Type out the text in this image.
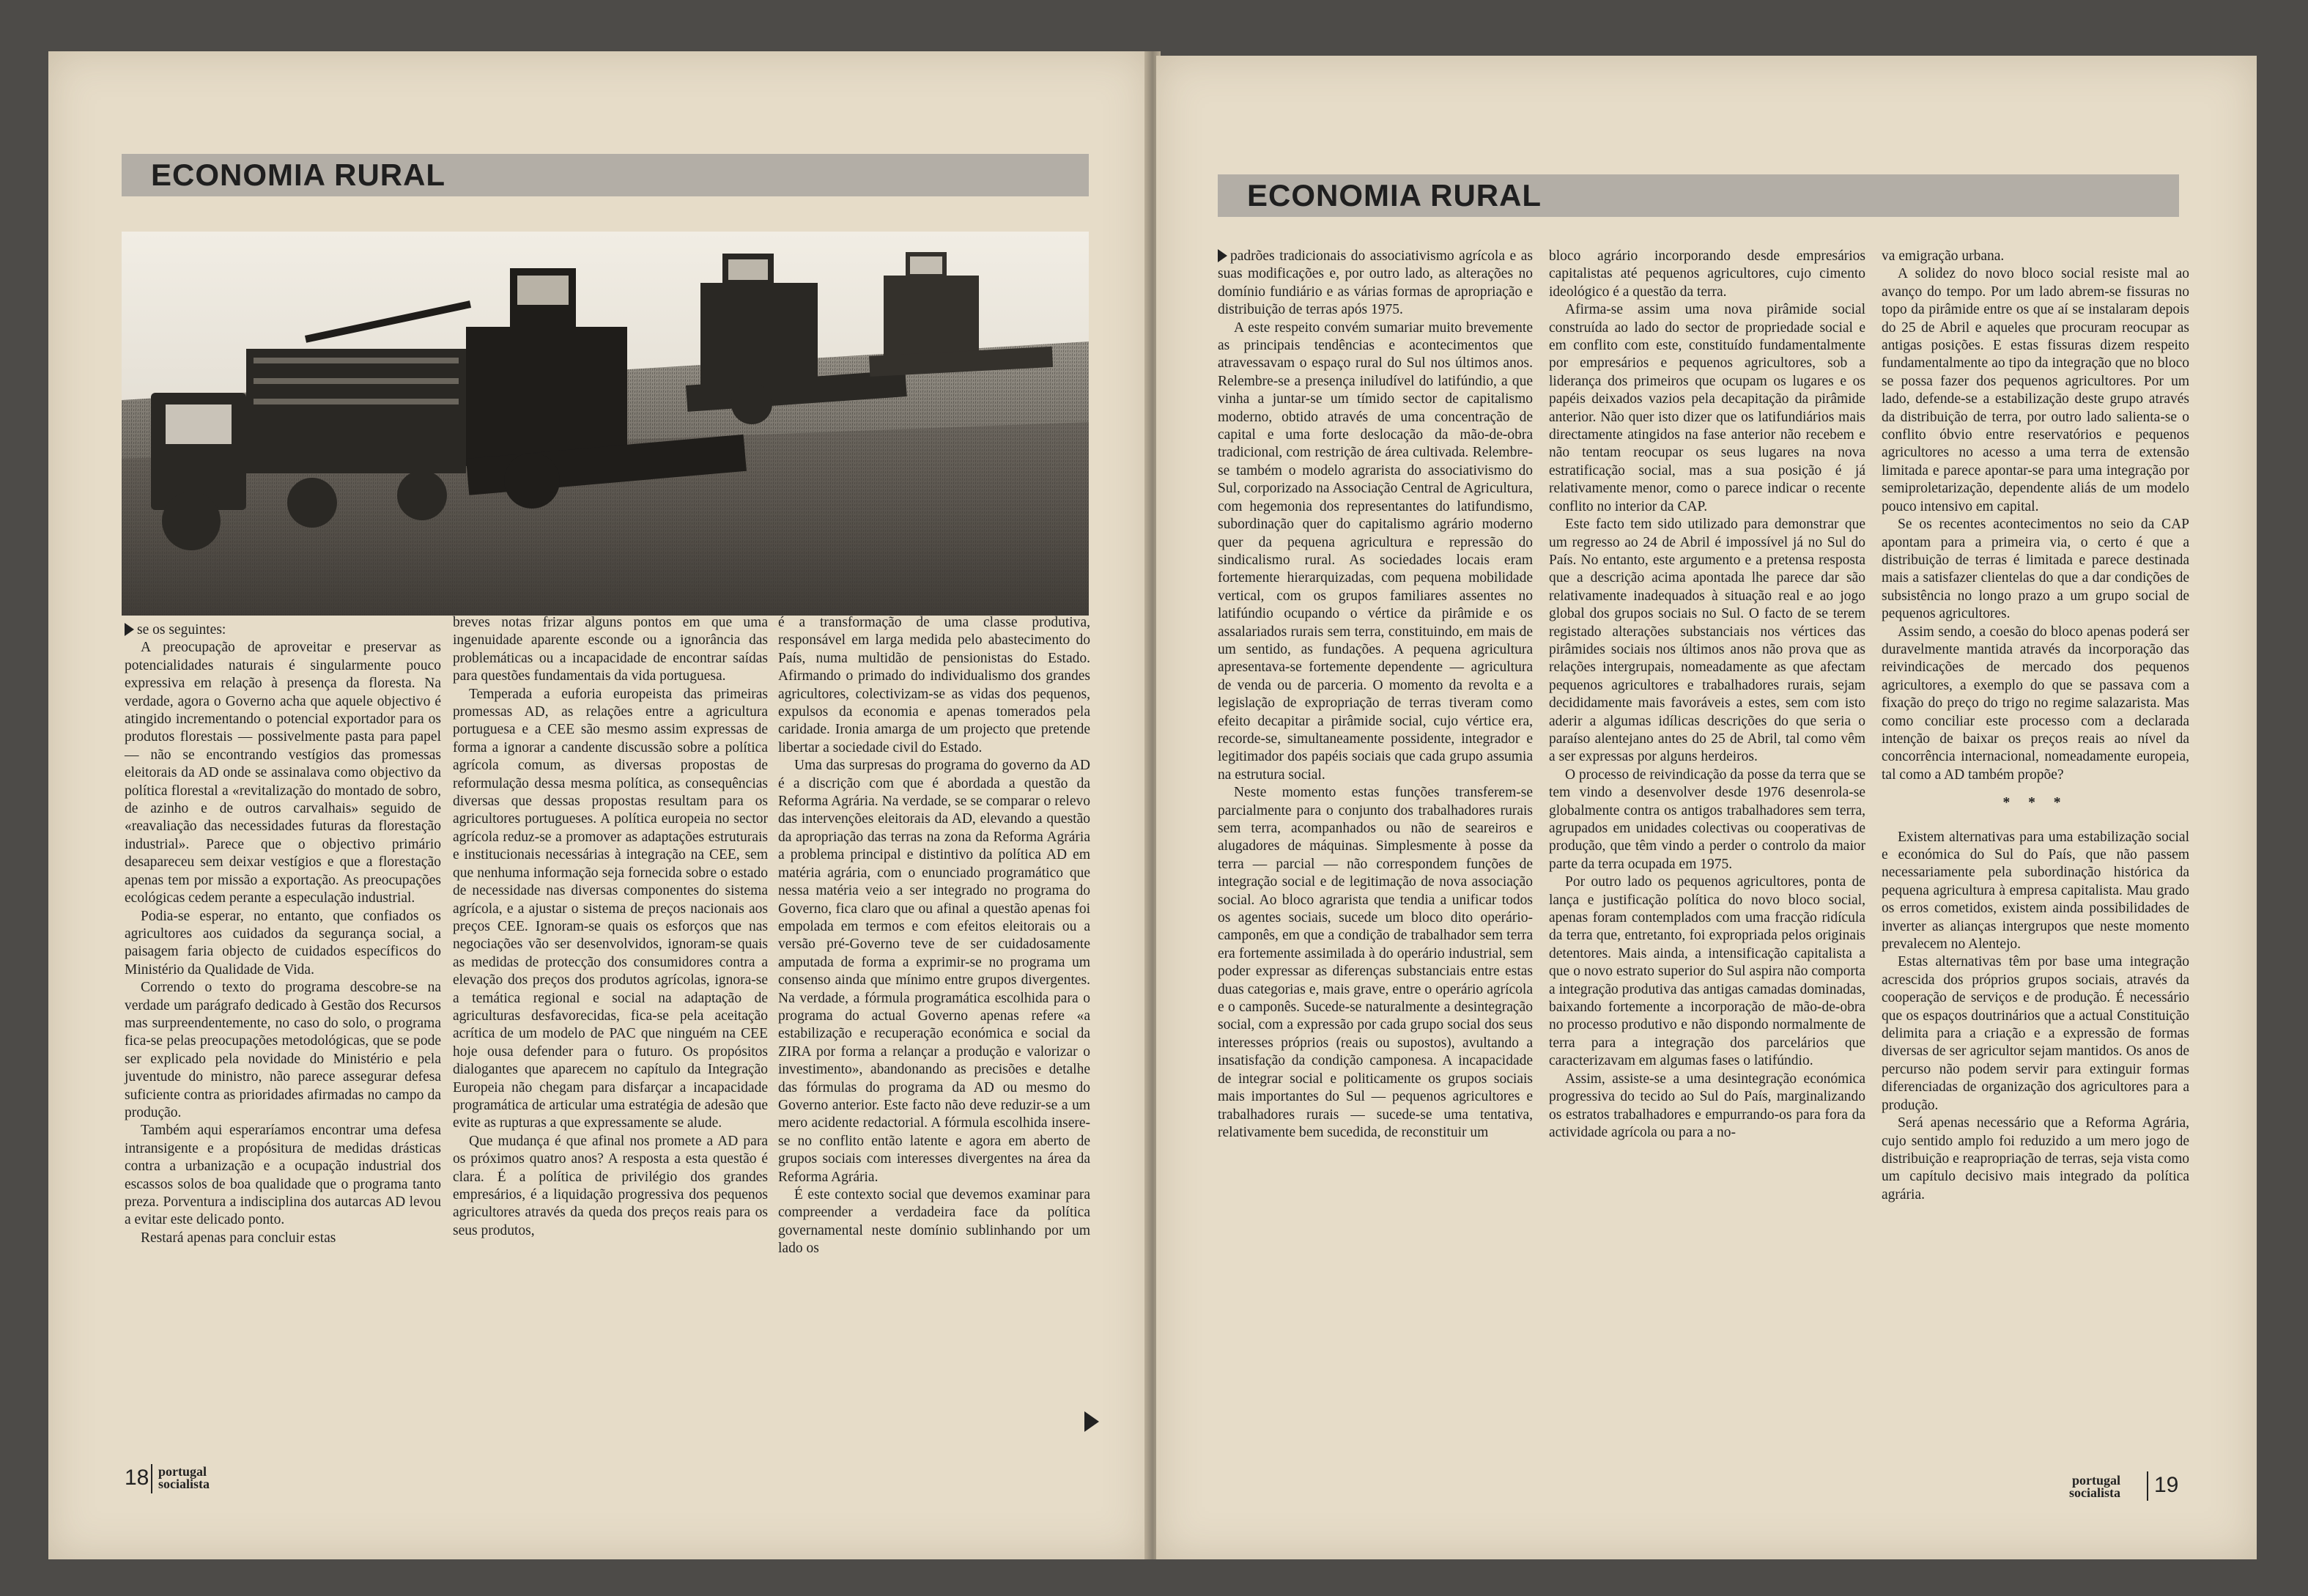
ECONOMIA RURAL

se os seguintes:

A preocupação de aproveitar e preservar as potencialidades naturais é singularmente pouco expressiva em relação à presença da floresta. Na verdade, agora o Governo acha que aquele objectivo é atingido incrementando o potencial exportador para os produtos florestais — possivelmente pasta para papel — não se encontrando vestígios das promessas eleitorais da AD onde se assinalava como objectivo da política florestal a «revitalização do montado de sobro, de azinho e de outros carvalhais» seguido de «reavaliação das necessidades futuras da florestação industrial». Parece que o objectivo primário desapareceu sem deixar vestígios e que a florestação apenas tem por missão a exportação. As preocupações ecológicas cedem perante a especulação industrial.

Podia-se esperar, no entanto, que confiados os agricultores aos cuidados da segurança social, a paisagem faria objecto de cuidados específicos do Ministério da Qualidade de Vida.

Correndo o texto do programa descobre-se na verdade um parágrafo dedicado à Gestão dos Recursos mas surpreendentemente, no caso do solo, o programa fica-se pelas preocupações metodológicas, que se pode ser explicado pela novidade do Ministério e pela juventude do ministro, não parece assegurar defesa suficiente contra as prioridades afirmadas no campo da produção.

Também aqui esperaríamos encontrar uma defesa intransigente e a propósitura de medidas drásticas contra a urbanização e a ocupação industrial dos escassos solos de boa qualidade que o programa tanto preza. Porventura a indisciplina dos autarcas AD levou a evitar este delicado ponto.

Restará apenas para concluir estas

breves notas frizar alguns pontos em que uma ingenuidade aparente esconde ou a ignorância das problemáticas ou a incapacidade de encontrar saídas para questões fundamentais da vida portuguesa.

Temperada a euforia europeista das primeiras promessas AD, as relações entre a agricultura portuguesa e a CEE são mesmo assim expressas de forma a ignorar a candente discussão sobre a política agrícola comum, as diversas propostas de reformulação dessa mesma política, as consequências diversas que dessas propostas resultam para os agricultores portugueses. A política europeia no sector agrícola reduz-se a promover as adaptações estruturais e institucionais necessárias à integração na CEE, sem que nenhuma informação seja fornecida sobre o estado de necessidade nas diversas componentes do sistema agrícola, e a ajustar o sistema de preços nacionais aos preços CEE. Ignoram-se quais os esforços que nas negociações vão ser desenvolvidos, ignoram-se quais as medidas de protecção dos consumidores contra a elevação dos preços dos produtos agrícolas, ignora-se a temática regional e social na adaptação de agriculturas desfavorecidas, fica-se pela aceitação acrítica de um modelo de PAC que ninguém na CEE hoje ousa defender para o futuro. Os propósitos dialogantes que aparecem no capítulo da Integração Europeia não chegam para disfarçar a incapacidade programática de articular uma estratégia de adesão que evite as rupturas a que expressamente se alude.

Que mudança é que afinal nos promete a AD para os próximos quatro anos? A resposta a esta questão é clara. É a política de privilégio dos grandes empresários, é a liquidação progressiva dos pequenos agricultores através da queda dos preços reais para os seus produtos,

é a transformação de uma classe produtiva, responsável em larga medida pelo abastecimento do País, numa multidão de pensionistas do Estado. Afirmando o primado do individualismo dos grandes agricultores, colectivizam-se as vidas dos pequenos, expulsos da economia e apenas tomerados pela caridade. Ironia amarga de um projecto que pretende libertar a sociedade civil do Estado.

Uma das surpresas do programa do governo da AD é a discrição com que é abordada a questão da Reforma Agrária. Na verdade, se se comparar o relevo das intervenções eleitorais da AD, elevando a questão da apropriação das terras na zona da Reforma Agrária a problema principal e distintivo da política AD em matéria agrária, com o enunciado programático que nessa matéria veio a ser integrado no programa do Governo, fica claro que ou afinal a questão apenas foi empolada em termos e com efeitos eleitorais ou a versão pré-Governo teve de ser cuidadosamente amputada de forma a exprimir-se no programa um consenso ainda que mínimo entre grupos divergentes. Na verdade, a fórmula programática escolhida para o programa do actual Governo apenas refere «a estabilização e recuperação económica e social da ZIRA por forma a relançar a produção e valorizar o investimento», abandonando as precisões e detalhe das fórmulas do programa da AD ou mesmo do Governo anterior. Este facto não deve reduzir-se a um mero acidente redactorial. A fórmula escolhida insere-se no conflito então latente e agora em aberto de grupos sociais com interesses divergentes na área da Reforma Agrária.

É este contexto social que devemos examinar para compreender a verdadeira face da política governamental neste domínio sublinhando por um lado os

18 portugal
socialista
ECONOMIA RURAL

padrões tradicionais do associativismo agrícola e as suas modificações e, por outro lado, as alterações no domínio fundiário e as várias formas de apropriação e distribuição de terras após 1975.

A este respeito convém sumariar muito brevemente as principais tendências e acontecimentos que atravessavam o espaço rural do Sul nos últimos anos. Relembre-se a presença iniludível do latifúndio, a que vinha a juntar-se um tímido sector de capitalismo moderno, obtido através de uma concentração de capital e uma forte deslocação da mão-de-obra tradicional, com restrição de área cultivada. Relembre-se também o modelo agrarista do associativismo do Sul, corporizado na Associação Central de Agricultura, com hegemonia dos representantes do latifundismo, subordinação quer do capitalismo agrário moderno quer da pequena agricultura e repressão do sindicalismo rural. As sociedades locais eram fortemente hierarquizadas, com pequena mobilidade vertical, com os grupos familiares assentes no latifúndio ocupando o vértice da pirâmide e os assalariados rurais sem terra, constituindo, em mais de um sentido, as fundações. A pequena agricultura apresentava-se fortemente dependente — agricultura de venda ou de parceria. O momento da revolta e a legislação de expropriação de terras tiveram como efeito decapitar a pirâmide social, cujo vértice era, recorde-se, simultaneamente possidente, integrador e legitimador dos papéis sociais que cada grupo assumia na estrutura social.

Neste momento estas funções transferem-se parcialmente para o conjunto dos trabalhadores rurais sem terra, acompanhados ou não de seareiros e alugadores de máquinas. Simplesmente à posse da terra — parcial — não correspondem funções de integração social e de legitimação de nova associação social. Ao bloco agrarista que tendia a unificar todos os agentes sociais, sucede um bloco dito operário-camponês, em que a condição de trabalhador sem terra era fortemente assimilada à do operário industrial, sem poder expressar as diferenças substanciais entre estas duas categorias e, mais grave, entre o operário agrícola e o camponês. Sucede-se naturalmente a desintegração social, com a expressão por cada grupo social dos seus interesses próprios (reais ou supostos), avultando a insatisfação da condição camponesa. A incapacidade de integrar social e politicamente os grupos sociais mais importantes do Sul — pequenos agricultores e trabalhadores rurais — sucede-se uma tentativa, relativamente bem sucedida, de reconstituir um

bloco agrário incorporando desde empresários capitalistas até pequenos agricultores, cujo cimento ideológico é a questão da terra.

Afirma-se assim uma nova pirâmide social construída ao lado do sector de propriedade social e em conflito com este, constituído fundamentalmente por empresários e pequenos agricultores, sob a liderança dos primeiros que ocupam os lugares e os papéis deixados vazios pela decapitação da pirâmide anterior. Não quer isto dizer que os latifundiários mais directamente atingidos na fase anterior não recebem e não tentam reocupar os seus lugares na nova estratificação social, mas a sua posição é já relativamente menor, como o parece indicar o recente conflito no interior da CAP.

Este facto tem sido utilizado para demonstrar que um regresso ao 24 de Abril é impossível já no Sul do País. No entanto, este argumento e a pretensa resposta que a descrição acima apontada lhe parece dar são relativamente inadequados à situação real e ao jogo global dos grupos sociais no Sul. O facto de se terem registado alterações substanciais nos vértices das pirâmides sociais nos últimos anos não prova que as relações intergrupais, nomeadamente as que afectam pequenos agricultores e trabalhadores rurais, sejam decididamente mais favoráveis a estes, sem com isto aderir a algumas idílicas descrições do que seria o paraíso alentejano antes do 25 de Abril, tal como vêm a ser expressas por alguns herdeiros.

O processo de reivindicação da posse da terra que se tem vindo a desenvolver desde 1976 desenrola-se globalmente contra os antigos trabalhadores sem terra, agrupados em unidades colectivas ou cooperativas de produção, que têm vindo a perder o controlo da maior parte da terra ocupada em 1975.

Por outro lado os pequenos agricultores, ponta de lança e justificação política do novo bloco social, apenas foram contemplados com uma fracção ridícula da terra que, entretanto, foi expropriada pelos originais detentores. Mais ainda, a intensificação capitalista a que o novo estrato superior do Sul aspira não comporta a integração produtiva das antigas camadas dominadas, baixando fortemente a incorporação de mão-de-obra no processo produtivo e não dispondo normalmente de terra para a integração dos parcelários que caracterizavam em algumas fases o latifúndio.

Assim, assiste-se a uma desintegração económica progressiva do tecido ao Sul do País, marginalizando os estratos trabalhadores e empurrando-os para fora da actividade agrícola ou para a no-

va emigração urbana.

A solidez do novo bloco social resiste mal ao avanço do tempo. Por um lado abrem-se fissuras no topo da pirâmide entre os que aí se instalaram depois do 25 de Abril e aqueles que procuram reocupar as antigas posições. E estas fissuras dizem respeito fundamentalmente ao tipo da integração que no bloco se possa fazer dos pequenos agricultores. Por um lado, defende-se a estabilização deste grupo através da distribuição de terra, por outro lado salienta-se o conflito óbvio entre reservatórios e pequenos agricultores no acesso a uma terra de extensão limitada e parece apontar-se para uma integração por semiproletarização, dependente aliás de um modelo pouco intensivo em capital.

Se os recentes acontecimentos no seio da CAP apontam para a primeira via, o certo é que a distribuição de terras é limitada e parece destinada mais a satisfazer clientelas do que a dar condições de subsistência no longo prazo a um grupo social de pequenos agricultores.

Assim sendo, a coesão do bloco apenas poderá ser duravelmente mantida através da incorporação das reivindicações de mercado dos pequenos agricultores, a exemplo do que se passava com a fixação do preço do trigo no regime salazarista. Mas como conciliar este processo com a declarada intenção de baixar os preços reais ao nível da concorrência internacional, nomeadamente europeia, tal como a AD também propõe?

* * *

Existem alternativas para uma estabilização social e económica do Sul do País, que não passem necessariamente pela subordinação histórica da pequena agricultura à empresa capitalista. Mau grado os erros cometidos, existem ainda possibilidades de inverter as alianças intergrupos que neste momento prevalecem no Alentejo.

Estas alternativas têm por base uma integração acrescida dos próprios grupos sociais, através da cooperação de serviços e de produção. É necessário que os espaços doutrinários que a actual Constituição delimita para a criação e a expressão de formas diversas de ser agricultor sejam mantidos. Os anos de percurso não podem servir para extinguir formas diferenciadas de organização dos agricultores para a produção.

Será apenas necessário que a Reforma Agrária, cujo sentido amplo foi reduzido a um mero jogo de distribuição e reapropriação de terras, seja vista como um capítulo decisivo mais integrado da política agrária.

portugal
socialista 19
